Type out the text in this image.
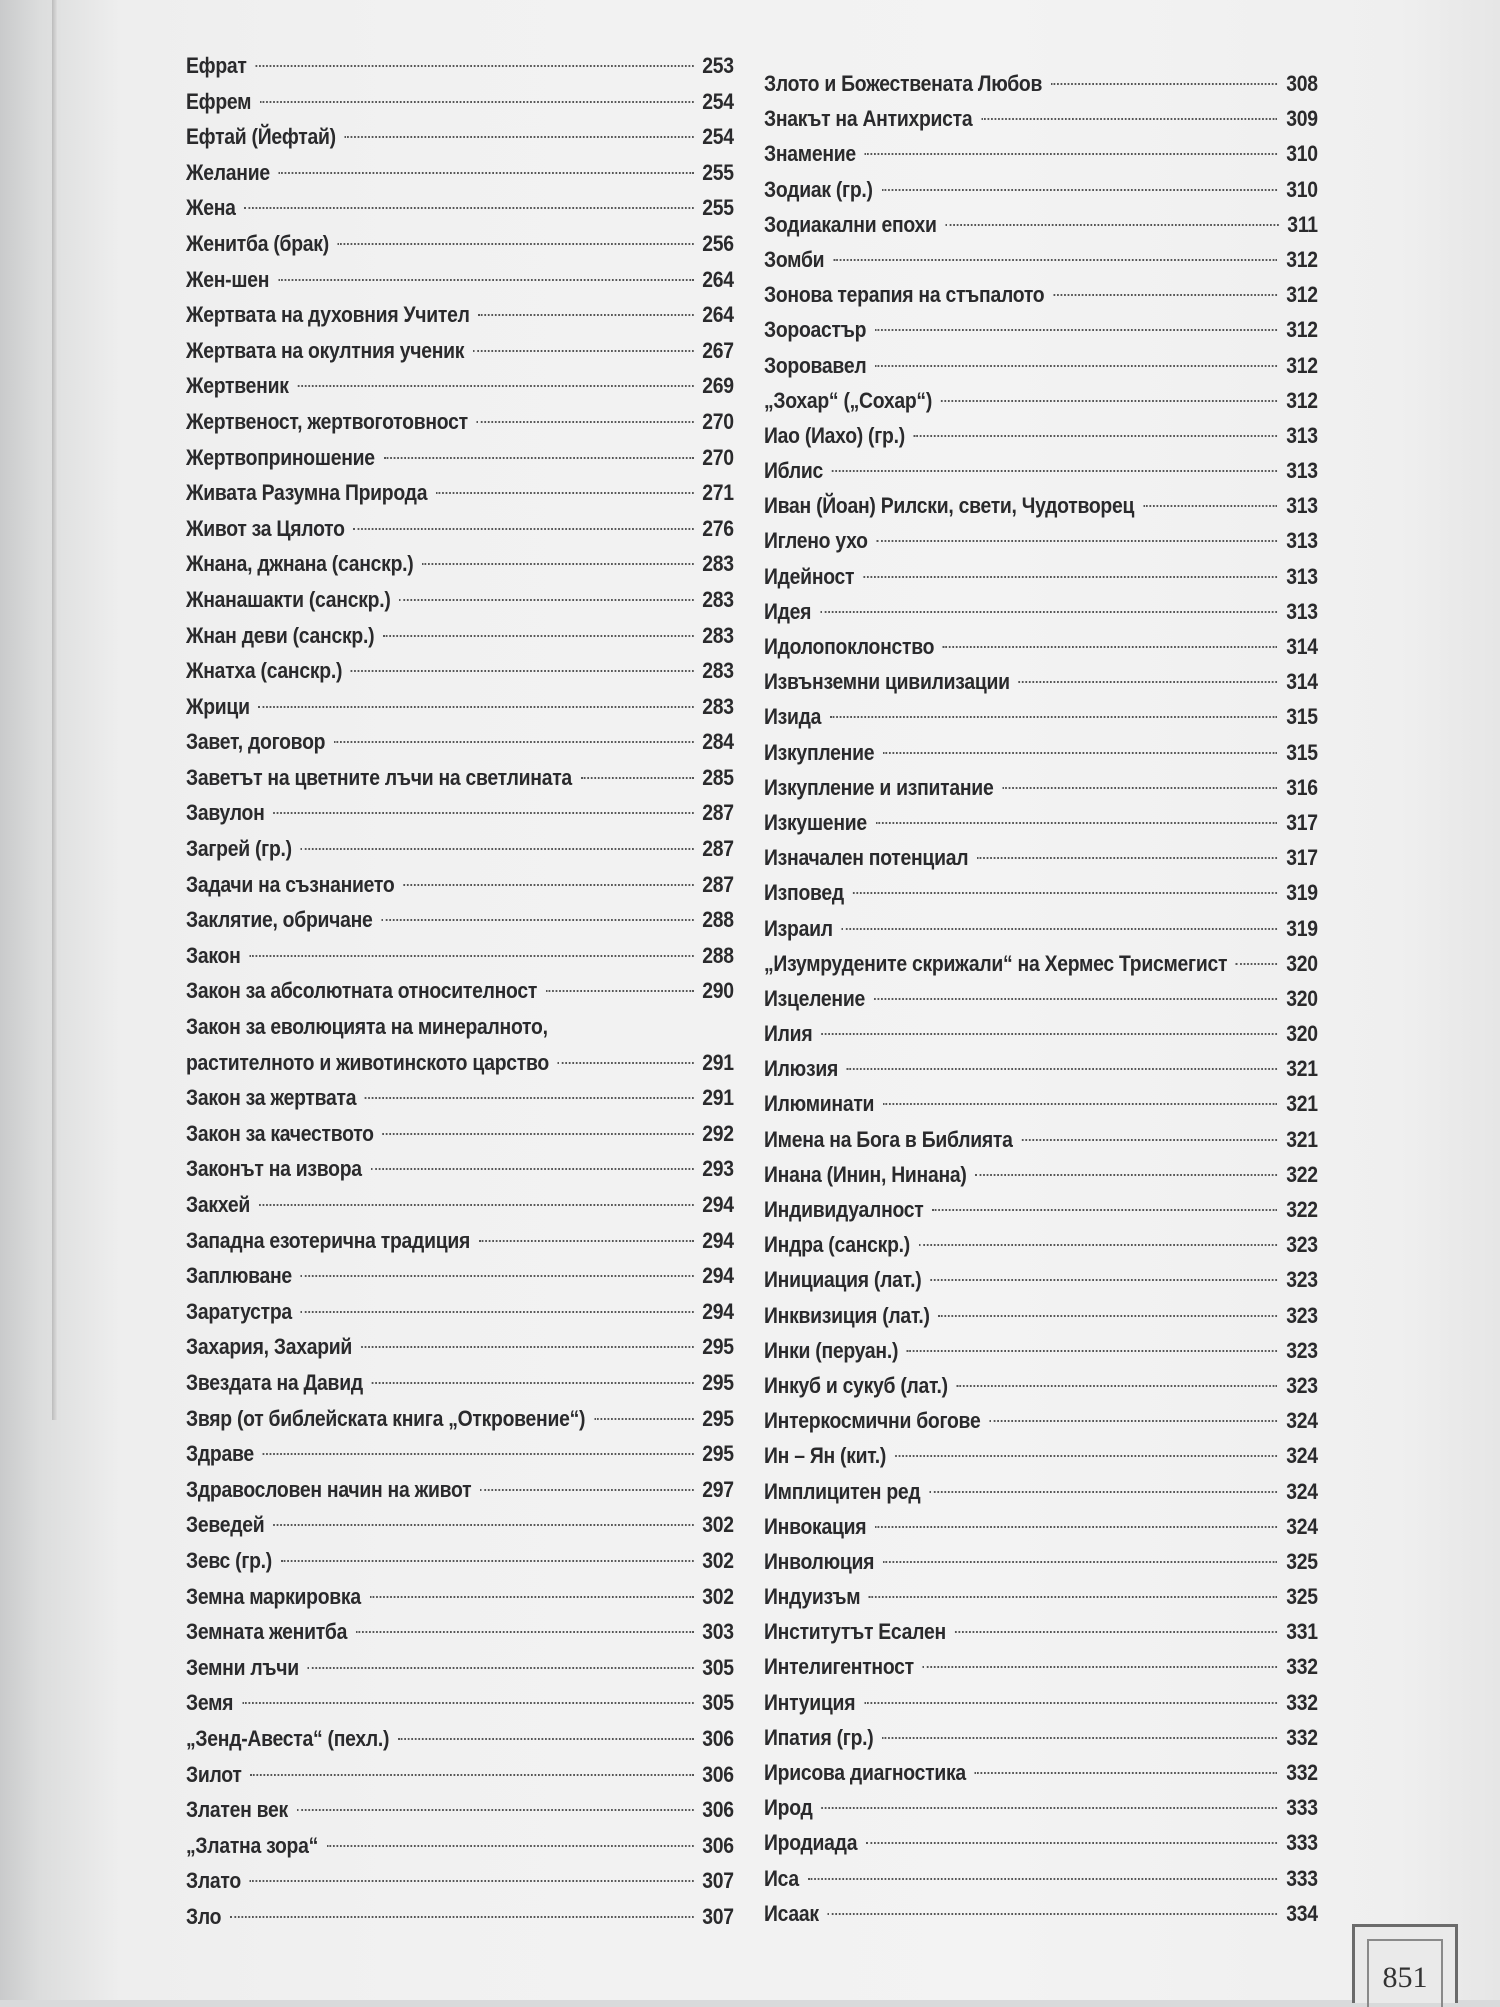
Ефрат	253
Ефрем	254
Ефтай (Йефтай)	254
Желание	255
Жена	255
Женитба (брак)	256
Жен-шен	264
Жертвата на духовния Учител	264
Жертвата на окултния ученик	267
Жертвеник	269
Жертвеност, жертвоготовност	270
Жертвоприношение	270
Живата Разумна Природа	271
Живот за Цялото	276
Жнана, джнана (санскр.)	283
Жнанашакти (санскр.)	283
Жнан деви (санскр.)	283
Жнатха (санскр.)	283
Жрици	283
Завет, договор	284
Заветът на цветните лъчи на светлината	285
Завулон	287
Загрей (гр.)	287
Задачи на съзнанието	287
Заклятие, обричане	288
Закон	288
Закон за абсолютната относителност	290
Закон за еволюцията на минералното,
растителното и животинското царство	291
Закон за жертвата	291
Закон за качеството	292
Законът на извора	293
Закхей	294
Западна езотерична традиция	294
Заплюване	294
Заратустра	294
Захария, Захарий	295
Звездата на Давид	295
Звяр (от библейската книга „Откровение“)	295
Здраве	295
Здравословен начин на живот	297
Зеведей	302
Зевс (гр.)	302
Земна маркировка	302
Земната женитба	303
Земни лъчи	305
Земя	305
„Зенд-Авеста“ (пехл.)	306
Зилот	306
Златен век	306
„Златна зора“	306
Злато	307
Зло	307
Злото и Божествената Любов	308
Знакът на Антихриста	309
Знамение	310
Зодиак (гр.)	310
Зодиакални епохи	311
Зомби	312
Зонова терапия на стъпалото	312
Зороастър	312
Зоровавел	312
„Зохар“ („Сохар“)	312
Иао (Иахо) (гр.)	313
Иблис	313
Иван (Йоан) Рилски, свети, Чудотворец	313
Иглено ухо	313
Идейност	313
Идея	313
Идолопоклонство	314
Извънземни цивилизации	314
Изида	315
Изкупление	315
Изкупление и изпитание	316
Изкушение	317
Изначален потенциал	317
Изповед	319
Израил	319
„Изумрудените скрижали“ на Хермес Трисмегист	320
Изцеление	320
Илия	320
Илюзия	321
Илюминати	321
Имена на Бога в Библията	321
Инана (Инин, Нинана)	322
Индивидуалност	322
Индра (санскр.)	323
Инициация (лат.)	323
Инквизиция (лат.)	323
Инки (перуан.)	323
Инкуб и сукуб (лат.)	323
Интеркосмични богове	324
Ин – Ян (кит.)	324
Имплицитен ред	324
Инвокация	324
Инволюция	325
Индуизъм	325
Институтът Есален	331
Интелигентност	332
Интуиция	332
Ипатия (гр.)	332
Ирисова диагностика	332
Ирод	333
Иродиада	333
Иса	333
Исаак	334
851
